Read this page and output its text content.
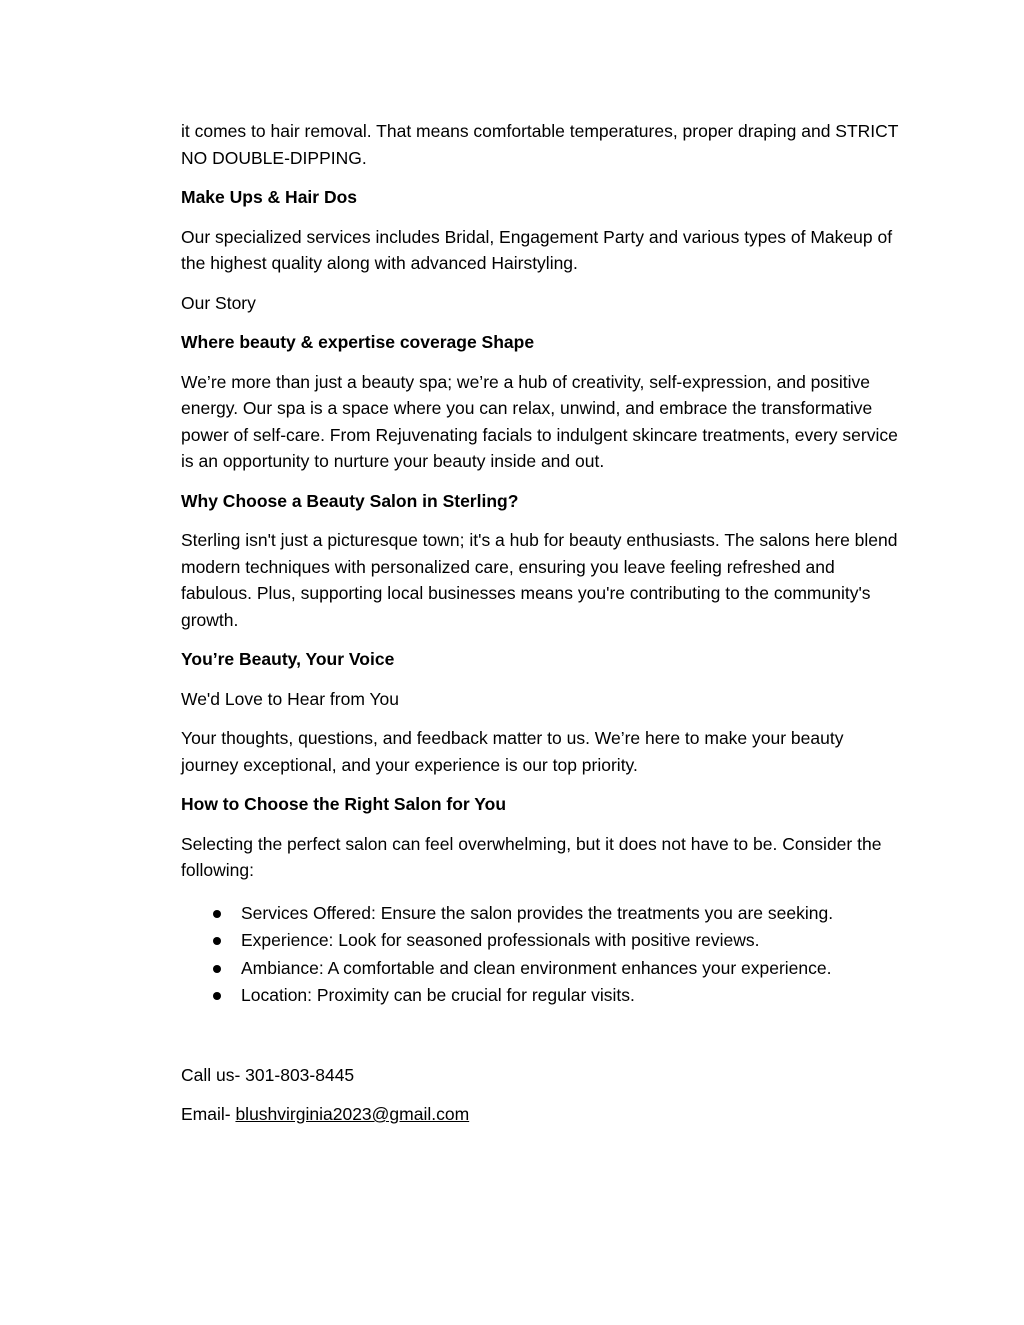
it comes to hair removal. That means comfortable temperatures, proper draping and STRICT NO DOUBLE-DIPPING.

Make Ups & Hair Dos

Our specialized services includes Bridal, Engagement Party and various types of Makeup of the highest quality along with advanced Hairstyling.

Our Story

Where beauty & expertise coverage Shape

We’re more than just a beauty spa; we’re a hub of creativity, self-expression, and positive energy. Our spa is a space where you can relax, unwind, and embrace the transformative power of self-care. From Rejuvenating facials to indulgent skincare treatments, every service is an opportunity to nurture your beauty inside and out.

Why Choose a Beauty Salon in Sterling?

Sterling isn't just a picturesque town; it's a hub for beauty enthusiasts. The salons here blend modern techniques with personalized care, ensuring you leave feeling refreshed and fabulous. Plus, supporting local businesses means you're contributing to the community's growth.

You’re Beauty, Your Voice

We'd Love to Hear from You

Your thoughts, questions, and feedback matter to us. We’re here to make your beauty journey exceptional, and your experience is our top priority.

How to Choose the Right Salon for You

Selecting the perfect salon can feel overwhelming, but it does not have to be. Consider the following:

Services Offered: Ensure the salon provides the treatments you are seeking.
Experience: Look for seasoned professionals with positive reviews.
Ambiance: A comfortable and clean environment enhances your experience.
Location: Proximity can be crucial for regular visits.

Call us- 301-803-8445

Email- blushvirginia2023@gmail.com
